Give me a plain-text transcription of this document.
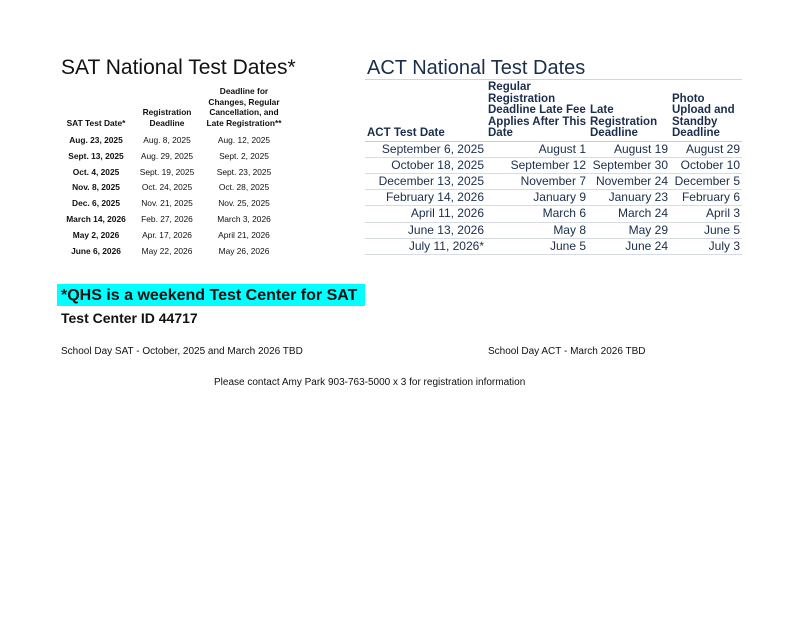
SAT National Test Dates*
SAT Test Date*	Registration Deadline	Deadline for Changes, Regular Cancellation, and Late Registration**
Aug. 23, 2025	Aug. 8, 2025	Aug. 12, 2025
Sept. 13, 2025	Aug. 29, 2025	Sept. 2, 2025
Oct. 4, 2025	Sept. 19, 2025	Sept. 23, 2025
Nov. 8, 2025	Oct. 24, 2025	Oct. 28, 2025
Dec. 6, 2025	Nov. 21, 2025	Nov. 25, 2025
March 14, 2026	Feb. 27, 2026	March 3, 2026
May 2, 2026	Apr. 17, 2026	April 21, 2026
June 6, 2026	May 22, 2026	May 26, 2026
ACT National Test Dates
ACT Test Date	Regular Registration Deadline Late Fee Applies After This Date	Late Registration Deadline	Photo Upload and Standby Deadline
September 6, 2025	August 1	August 19	August 29
October 18, 2025	September 12	September 30	October 10
December 13, 2025	November 7	November 24	December 5
February 14, 2026	January 9	January 23	February 6
April 11, 2026	March 6	March 24	April 3
June 13, 2026	May 8	May 29	June 5
July 11, 2026*	June 5	June 24	July 3
*QHS is a weekend Test Center for SAT
Test Center ID 44717
School Day SAT - October, 2025 and March 2026 TBD	School Day ACT - March 2026 TBD
Please contact Amy Park 903-763-5000 x 3 for registration information
